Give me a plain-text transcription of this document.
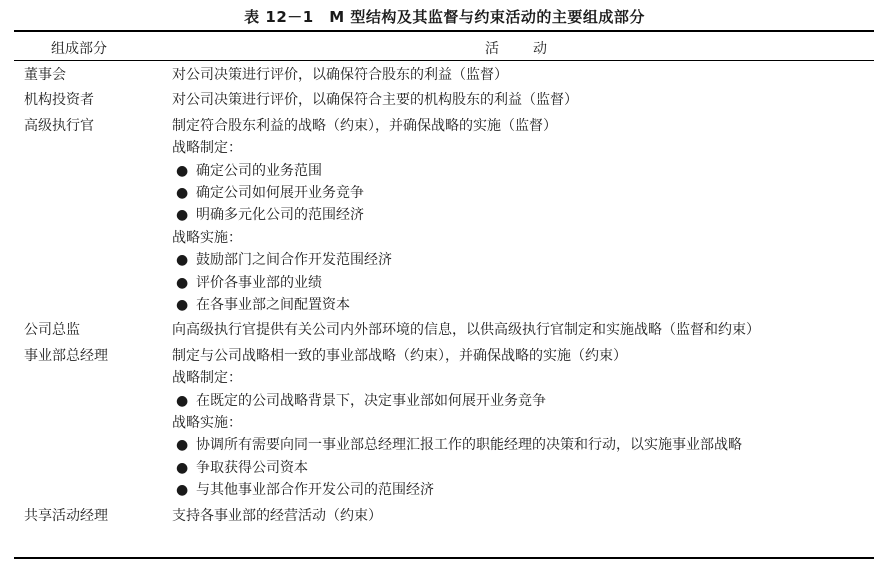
表 12－1　M 型结构及其监督与约束活动的主要组成部分
组成部分	活　动
董事会	对公司决策进行评价，以确保符合股东的利益（监督）
机构投资者	对公司决策进行评价，以确保符合主要的机构股东的利益（监督）
高级执行官	制定符合股东利益的战略（约束），并确保战略的实施（监督）
战略制定：
● 确定公司的业务范围
● 确定公司如何展开业务竞争
● 明确多元化公司的范围经济
战略实施：
● 鼓励部门之间合作开发范围经济
● 评价各事业部的业绩
● 在各事业部之间配置资本
公司总监	向高级执行官提供有关公司内外部环境的信息，以供高级执行官制定和实施战略（监督和约束）
事业部总经理	制定与公司战略相一致的事业部战略（约束），并确保战略的实施（约束）
战略制定：
● 在既定的公司战略背景下，决定事业部如何展开业务竞争
战略实施：
● 协调所有需要向同一事业部总经理汇报工作的职能经理的决策和行动，以实施事业部战略
● 争取获得公司资本
● 与其他事业部合作开发公司的范围经济
共享活动经理	支持各事业部的经营活动（约束）
